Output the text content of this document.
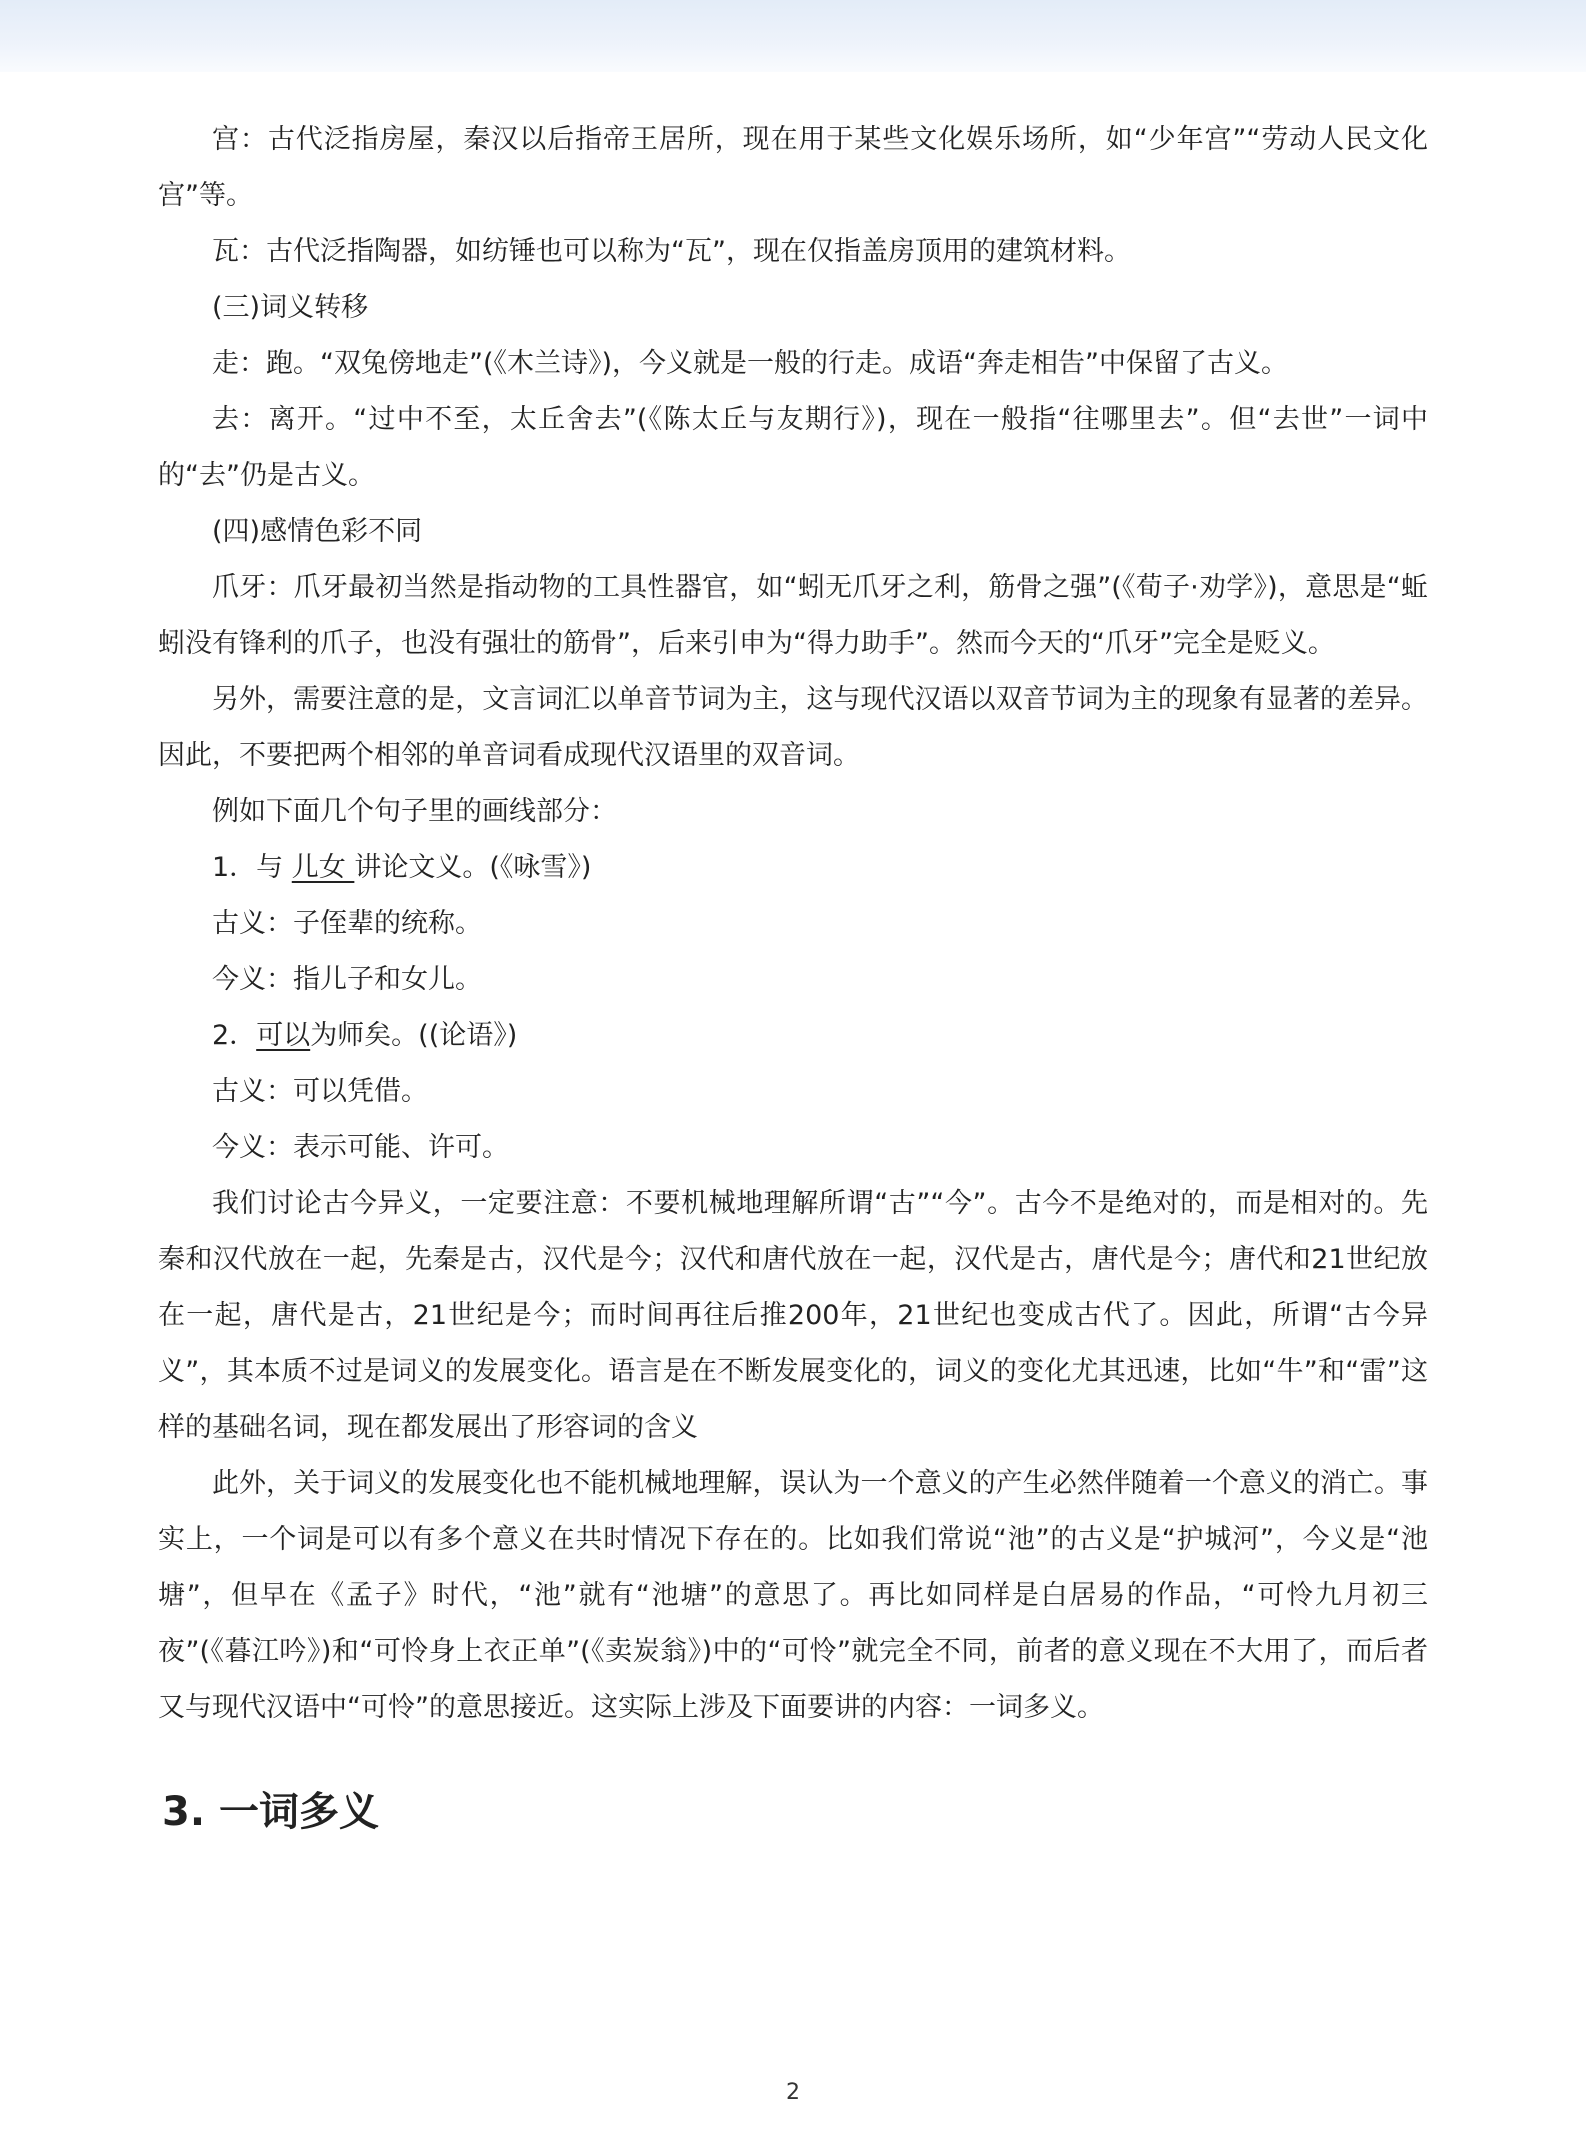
宫：古代泛指房屋，秦汉以后指帝王居所，现在用于某些文化娱乐场所，如“少年宫”“劳动人民文化宫”等。

瓦：古代泛指陶器，如纺锤也可以称为“瓦”，现在仅指盖房顶用的建筑材料。

(三)词义转移

走：跑。“双兔傍地走”(《木兰诗》)，今义就是一般的行走。成语“奔走相告”中保留了古义。

去：离开。“过中不至，太丘舍去”(《陈太丘与友期行》)，现在一般指“往哪里去”。但“去世”一词中的“去”仍是古义。

(四)感情色彩不同

爪牙：爪牙最初当然是指动物的工具性器官，如“蚓无爪牙之利，筋骨之强”(《荀子·劝学》)，意思是“蚯蚓没有锋利的爪子，也没有强壮的筋骨”，后来引申为“得力助手”。然而今天的“爪牙”完全是贬义。

另外，需要注意的是，文言词汇以单音节词为主，这与现代汉语以双音节词为主的现象有显著的差异。因此，不要把两个相邻的单音词看成现代汉语里的双音词。

例如下面几个句子里的画线部分：

1．与 儿女 讲论文义。(《咏雪》)

古义：子侄辈的统称。

今义：指儿子和女儿。

2．可以为师矣。((论语》)

古义：可以凭借。

今义：表示可能、许可。

我们讨论古今异义，一定要注意：不要机械地理解所谓“古”“今”。古今不是绝对的，而是相对的。先秦和汉代放在一起，先秦是古，汉代是今；汉代和唐代放在一起，汉代是古，唐代是今；唐代和21世纪放在一起，唐代是古，21世纪是今；而时间再往后推200年，21世纪也变成古代了。因此，所谓“古今异义”，其本质不过是词义的发展变化。语言是在不断发展变化的，词义的变化尤其迅速，比如“牛”和“雷”这样的基础名词，现在都发展出了形容词的含义

此外，关于词义的发展变化也不能机械地理解，误认为一个意义的产生必然伴随着一个意义的消亡。事实上，一个词是可以有多个意义在共时情况下存在的。比如我们常说“池”的古义是“护城河”，今义是“池塘”，但早在《孟子》时代，“池”就有“池塘”的意思了。再比如同样是白居易的作品，“可怜九月初三夜”(《暮江吟》)和“可怜身上衣正单”(《卖炭翁》)中的“可怜”就完全不同，前者的意义现在不大用了，而后者又与现代汉语中“可怜”的意思接近。这实际上涉及下面要讲的内容：一词多义。

3. 一词多义
2
